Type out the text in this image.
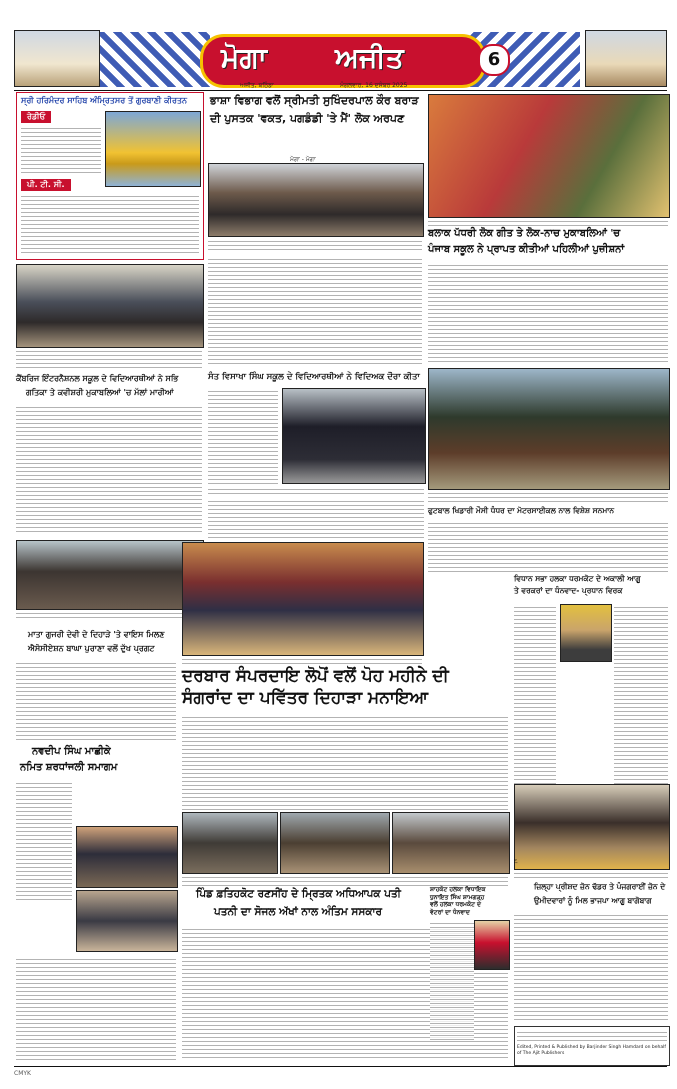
ਮੋਗਾ ਅਜੀਤ	6
ਅਜੀਤ, ਬਠਿੰਡਾ	ਮੰਗਲਵਾਰ, 16 ਦਸੰਬਰ 2025
ਸ੍ਰੀ ਹਰਿਮੰਦਰ ਸਾਹਿਬ ਅੰਮ੍ਰਿਤਸਰ ਤੋਂ ਗੁਰਬਾਣੀ ਕੀਰਤਨ
ਰੇਡੀਓ
ਪੀ. ਟੀ. ਸੀ.
ਭਾਸ਼ਾ ਵਿਭਾਗ ਵਲੋਂ ਸ੍ਰੀਮਤੀ ਸੁਖਿੰਦਰਪਾਲ ਕੌਰ ਬਰਾੜ
ਦੀ ਪੁਸਤਕ 'ਵਕਤ, ਪਗਡੰਡੀ 'ਤੇ ਮੈਂ' ਲੋਕ ਅਰਪਣ
ਮੋਗਾ - ਮੋਗਾ
ਬਲਾਕ ਪੱਧਰੀ ਲੋਕ ਗੀਤ ਤੇ ਲੋਕ-ਨਾਚ ਮੁਕਾਬਲਿਆਂ 'ਚ
ਪੰਜਾਬ ਸਕੂਲ ਨੇ ਪ੍ਰਾਪਤ ਕੀਤੀਆਂ ਪਹਿਲੀਆਂ ਪੁਜ਼ੀਸ਼ਨਾਂ
ਕੈਂਬਰਿਜ ਇੰਟਰਨੈਸ਼ਨਲ ਸਕੂਲ ਦੇ ਵਿਦਿਆਰਥੀਆਂ ਨੇ ਸਭਿ
ਗਤਿਕਾ ਤੇ ਕਵੀਸ਼ਰੀ ਮੁਕਾਬਲਿਆਂ 'ਚ ਮੱਲਾਂ ਮਾਰੀਆਂ
ਸੰਤ ਵਿਸਾਖਾ ਸਿੰਘ ਸਕੂਲ ਦੇ ਵਿਦਿਆਰਥੀਆਂ ਨੇ ਵਿਦਿਅਕ ਦੌਰਾ ਕੀਤਾ
ਫੁਟਬਾਲ ਖਿਡਾਰੀ ਮੌਸੀ ਧੰਧਰ ਦਾ ਮੋਟਰਸਾਈਕਲ ਨਾਲ ਵਿਸ਼ੇਸ਼ ਸਨਮਾਨ
ਮਾਤਾ ਗੁਜਰੀ ਦੇਵੀ ਦੇ ਦਿਹਾੜੇ 'ਤੇ ਵਾਇਸ ਮਿਲਣ
ਐਸੋਸੀਏਸ਼ਨ ਬਾਘਾ ਪੁਰਾਣਾ ਵਲੋਂ ਦੁੱਖ ਪ੍ਰਗਟ
ਦਰਬਾਰ ਸੰਪਰਦਾਇ ਲੋਪੋਂ ਵਲੋਂ ਪੋਹ ਮਹੀਨੇ ਦੀ
ਸੰਗਰਾਂਦ ਦਾ ਪਵਿੱਤਰ ਦਿਹਾੜਾ ਮਨਾਇਆ
ਵਿਧਾਨ ਸਭਾ ਹਲਕਾ ਧਰਮਕੋਟ ਦੇ ਅਕਾਲੀ ਆਗੂ
ਤੇ ਵਰਕਰਾਂ ਦਾ ਧੰਨਵਾਦ- ਪ੍ਰਧਾਨ ਵਿਰਕ
ਨਵਦੀਪ ਸਿੰਘ ਮਾਛੀਕੇ
ਨਮਿਤ ਸ਼ਰਧਾਂਜਲੀ ਸਮਾਗਮ
ਪਿੰਡ ਫ਼ਤਿਹਕੋਟ ਰਣਸੀਂਹ ਦੇ ਮ੍ਰਿਤਕ ਅਧਿਆਪਕ ਪਤੀ
ਪਤਨੀ ਦਾ ਸੋਜਲ ਅੱਖਾਂ ਨਾਲ ਅੰਤਿਮ ਸਸਕਾਰ
ਜ਼ਿਲ੍ਹਾ ਪ੍ਰੀਸ਼ਦ ਜ਼ੋਨ ਢੱਡਰ ਤੇ ਪੰਜਗਰਾਈਂ ਜ਼ੋਨ ਦੇ
ਉਮੀਦਵਾਰਾਂ ਨੂੰ ਮਿਲ ਭਾਜਪਾ ਆਗੂ ਬਾਗੋਬਾਗ
ਸ਼ਾਹਕੋਟ ਹਲਕਾ ਵਿਧਾਇਕ
ਧੁਨਾਇਤ ਸਿੰਘ ਸ਼ਾਮਗੜ੍ਹ
ਵਲੋਂ ਹਲਕਾ ਧਰਮਕੋਟ ਦੇ
ਵੋਟਰਾਂ ਦਾ ਧੰਨਵਾਦ
Edited, Printed & Published by Barjinder Singh Hamdard on behalf of The Ajit Publishers
CMYK
